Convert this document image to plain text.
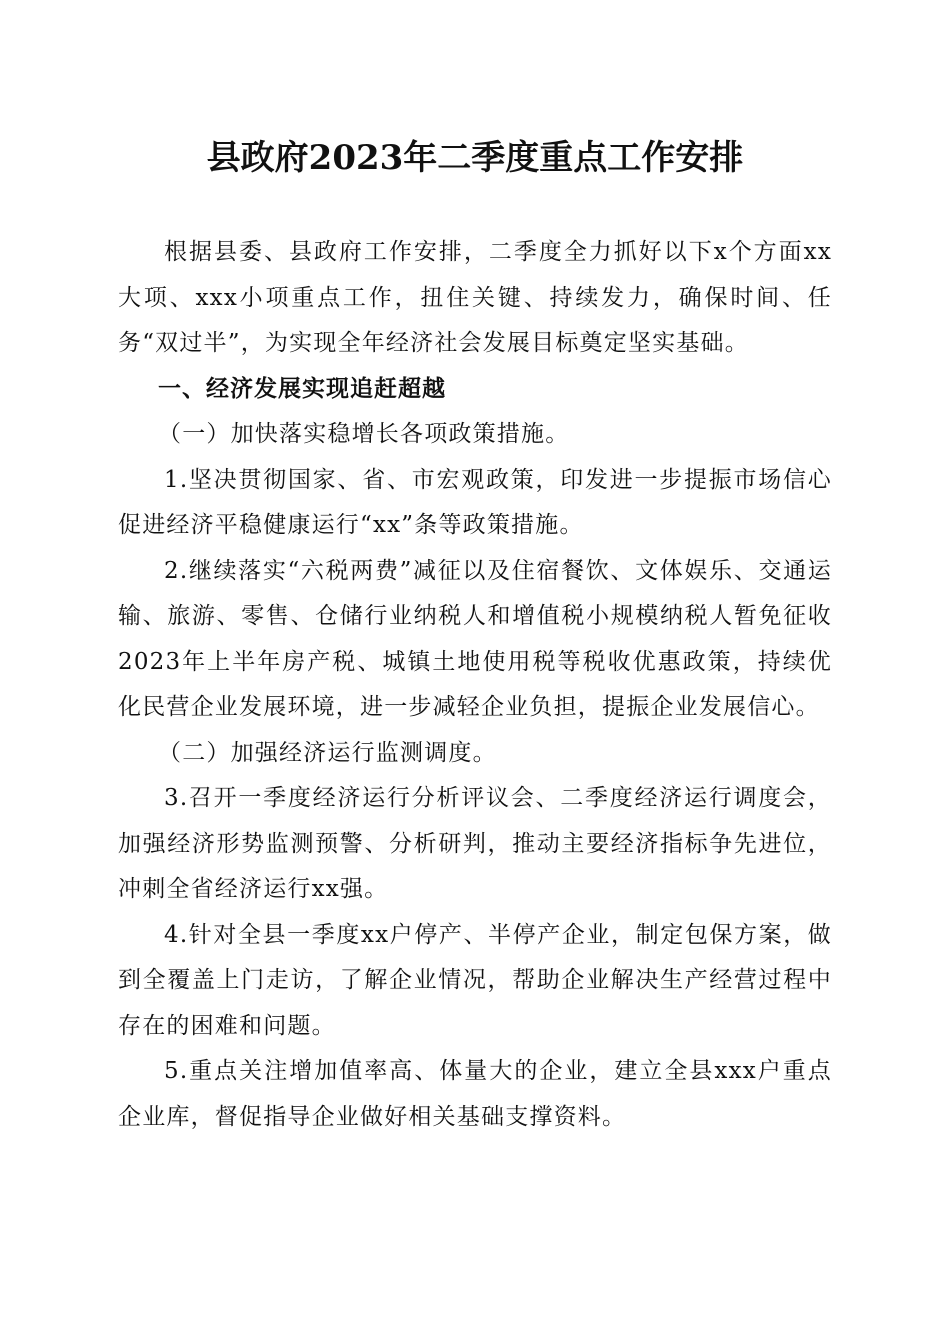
县政府2023年二季度重点工作安排

根据县委、县政府工作安排，二季度全力抓好以下x个方面xx大项、xxx小项重点工作，扭住关键、持续发力，确保时间、任务“双过半”，为实现全年经济社会发展目标奠定坚实基础。

一、经济发展实现追赶超越

（一）加快落实稳增长各项政策措施。

1.坚决贯彻国家、省、市宏观政策，印发进一步提振市场信心促进经济平稳健康运行“xx”条等政策措施。

2.继续落实“六税两费”减征以及住宿餐饮、文体娱乐、交通运输、旅游、零售、仓储行业纳税人和增值税小规模纳税人暂免征收2023年上半年房产税、城镇土地使用税等税收优惠政策，持续优化民营企业发展环境，进一步减轻企业负担，提振企业发展信心。

（二）加强经济运行监测调度。

3.召开一季度经济运行分析评议会、二季度经济运行调度会，加强经济形势监测预警、分析研判，推动主要经济指标争先进位，冲刺全省经济运行xx强。

4.针对全县一季度xx户停产、半停产企业，制定包保方案，做到全覆盖上门走访，了解企业情况，帮助企业解决生产经营过程中存在的困难和问题。

5.重点关注增加值率高、体量大的企业，建立全县xxx户重点企业库，督促指导企业做好相关基础支撑资料。
